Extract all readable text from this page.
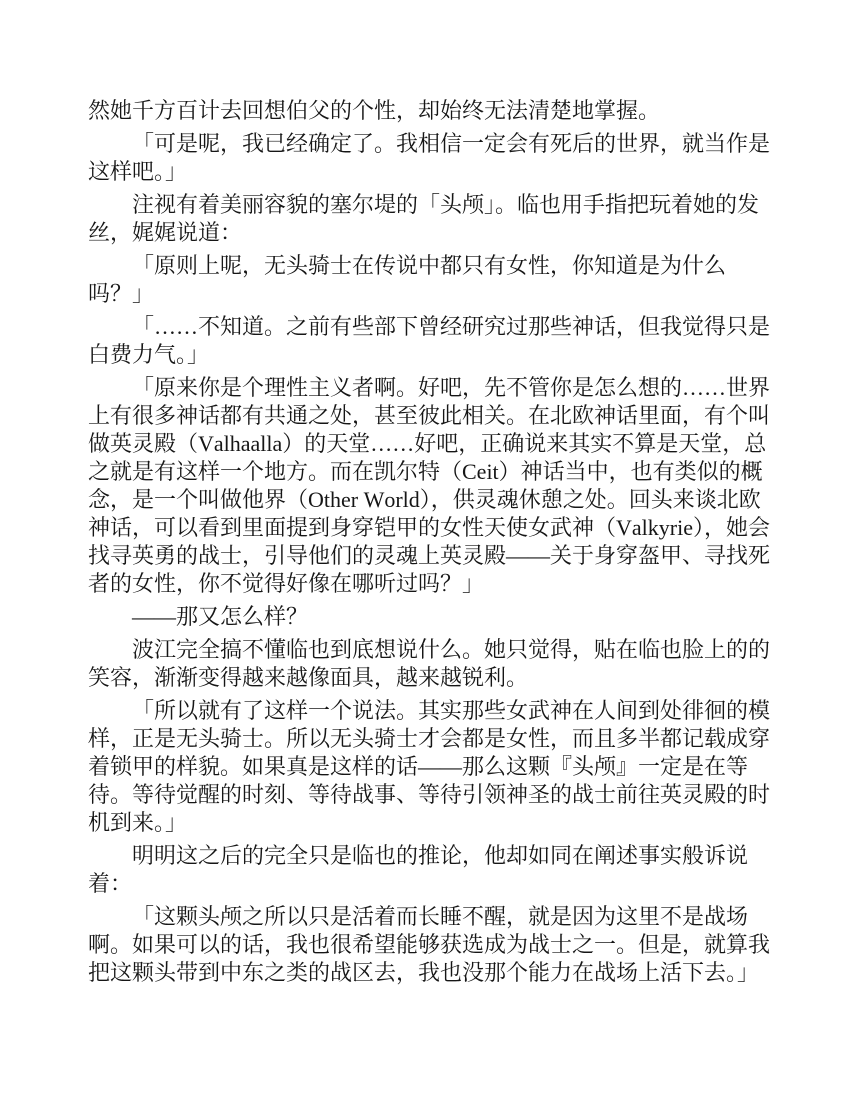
然她千方百计去回想伯父的个性，却始终无法清楚地掌握。

「可是呢，我已经确定了。我相信一定会有死后的世界，就当作是这样吧。」

注视有着美丽容貌的塞尔堤的「头颅」。临也用手指把玩着她的发丝，娓娓说道：

「原则上呢，无头骑士在传说中都只有女性，你知道是为什么吗？」

「……不知道。之前有些部下曾经研究过那些神话，但我觉得只是白费力气。」

「原来你是个理性主义者啊。好吧，先不管你是怎么想的……世界上有很多神话都有共通之处，甚至彼此相关。在北欧神话里面，有个叫做英灵殿（Valhaalla）的天堂……好吧，正确说来其实不算是天堂，总之就是有这样一个地方。而在凯尔特（Ceit）神话当中，也有类似的概念，是一个叫做他界（Other World），供灵魂休憩之处。回头来谈北欧神话，可以看到里面提到身穿铠甲的女性天使女武神（Valkyrie），她会找寻英勇的战士，引导他们的灵魂上英灵殿——关于身穿盔甲、寻找死者的女性，你不觉得好像在哪听过吗？」

——那又怎么样？

波江完全搞不懂临也到底想说什么。她只觉得，贴在临也脸上的的笑容，渐渐变得越来越像面具，越来越锐利。

「所以就有了这样一个说法。其实那些女武神在人间到处徘徊的模样，正是无头骑士。所以无头骑士才会都是女性，而且多半都记载成穿着锁甲的样貌。如果真是这样的话——那么这颗『头颅』一定是在等待。等待觉醒的时刻、等待战事、等待引领神圣的战士前往英灵殿的时机到来。」

明明这之后的完全只是临也的推论，他却如同在阐述事实般诉说着：

「这颗头颅之所以只是活着而长睡不醒，就是因为这里不是战场啊。如果可以的话，我也很希望能够获选成为战士之一。但是，就算我把这颗头带到中东之类的战区去，我也没那个能力在战场上活下去。」
